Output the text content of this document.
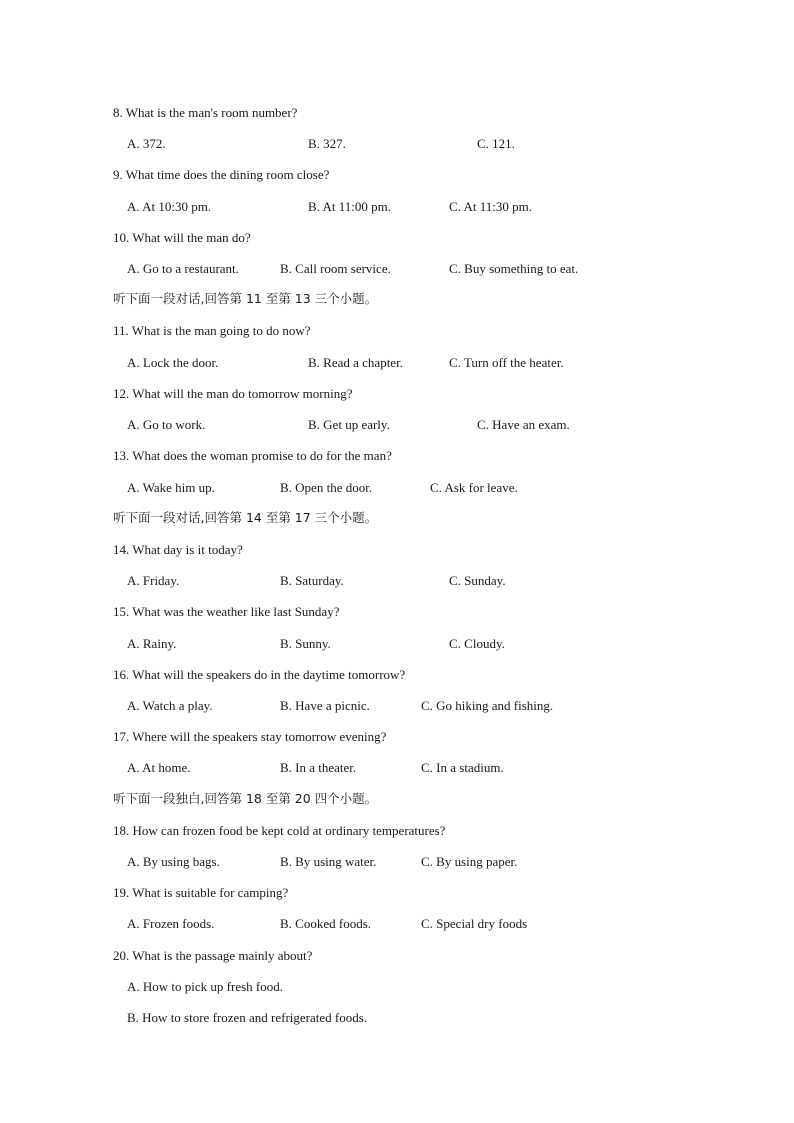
8. What is the man's room number?
A. 372.	B. 327.	C. 121.
9. What time does the dining room close?
A. At 10:30 pm.	B. At 11:00 pm.	C. At 11:30 pm.
10. What will the man do?
A. Go to a restaurant.	B. Call room service.	C. Buy something to eat.
听下面一段对话,回答第 11 至第 13 三个小题。
11. What is the man going to do now?
A. Lock the door.	B. Read a chapter.	C. Turn off the heater.
12. What will the man do tomorrow morning?
A. Go to work.	B. Get up early.	C. Have an exam.
13. What does the woman promise to do for the man?
A. Wake him up.	B. Open the door.	C. Ask for leave.
听下面一段对话,回答第 14 至第 17 三个小题。
14. What day is it today?
A. Friday.	B. Saturday.	C. Sunday.
15. What was the weather like last Sunday?
A. Rainy.	B. Sunny.	C. Cloudy.
16. What will the speakers do in the daytime tomorrow?
A. Watch a play.	B. Have a picnic.	C. Go hiking and fishing.
17. Where will the speakers stay tomorrow evening?
A. At home.	B. In a theater.	C. In a stadium.
听下面一段独白,回答第 18 至第 20 四个小题。
18. How can frozen food be kept cold at ordinary temperatures?
A. By using bags.	B. By using water.	C. By using paper.
19. What is suitable for camping?
A. Frozen foods.	B. Cooked foods.	C. Special dry foods
20. What is the passage mainly about?
A. How to pick up fresh food.
B. How to store frozen and refrigerated foods.
